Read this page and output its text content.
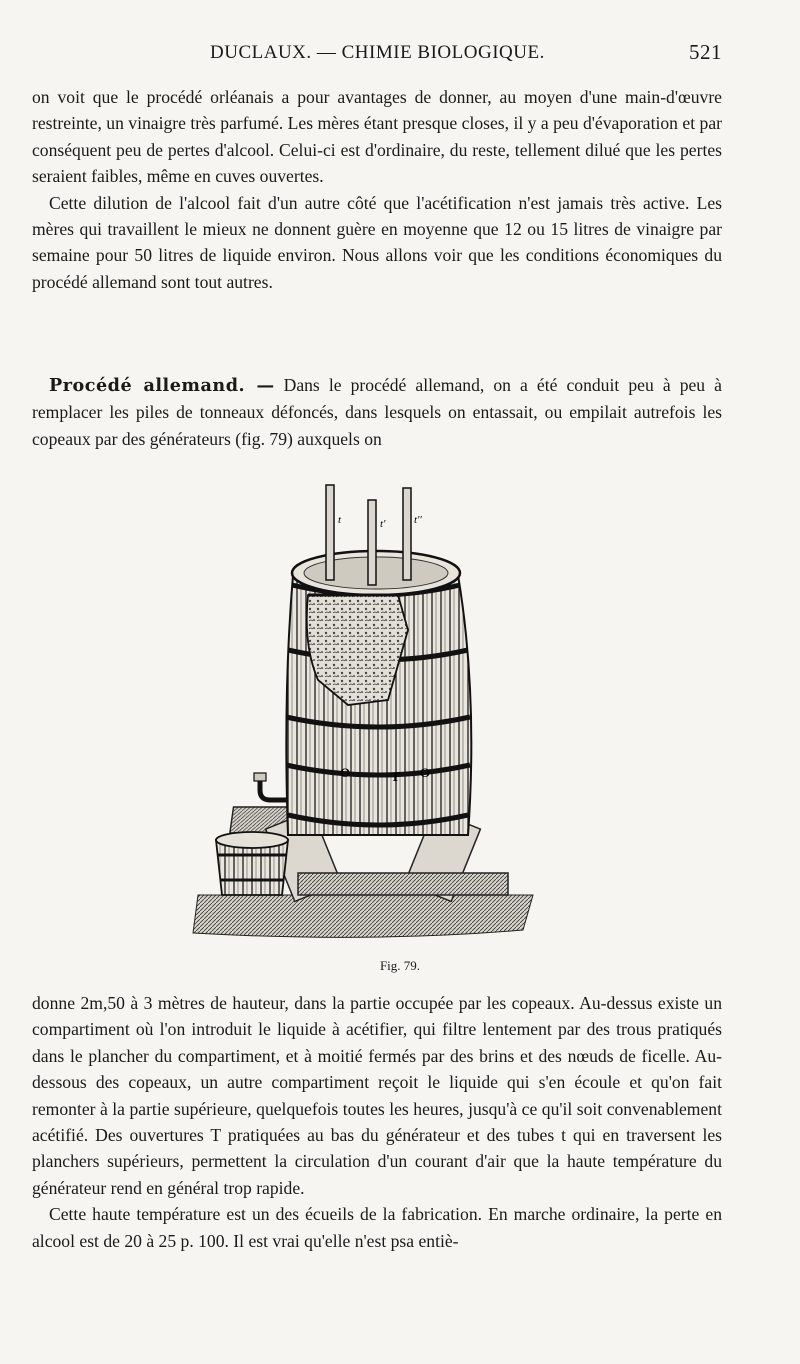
DUCLAUX. — CHIMIE BIOLOGIQUE.	521

on voit que le procédé orléanais a pour avantages de donner, au moyen d'une main-d'œuvre restreinte, un vinaigre très parfumé. Les mères étant presque closes, il y a peu d'évaporation et par conséquent peu de pertes d'alcool. Celui-ci est d'ordinaire, du reste, tellement dilué que les pertes seraient faibles, même en cuves ouvertes.

Cette dilution de l'alcool fait d'un autre côté que l'acétification n'est jamais très active. Les mères qui travaillent le mieux ne donnent guère en moyenne que 12 ou 15 litres de vinaigre par semaine pour 50 litres de liquide environ. Nous allons voir que les conditions économiques du procédé allemand sont tout autres.

Procédé allemand. — Dans le procédé allemand, on a été conduit peu à peu à remplacer les piles de tonneaux défoncés, dans lesquels on entassait, ou empilait autrefois les copeaux par des générateurs (fig. 79) auxquels on

t	t'	t''
O	T O
Fig. 79.

donne 2m,50 à 3 mètres de hauteur, dans la partie occupée par les copeaux. Au-dessus existe un compartiment où l'on introduit le liquide à acétifier, qui filtre lentement par des trous pratiqués dans le plancher du compartiment, et à moitié fermés par des brins et des nœuds de ficelle. Au-dessous des copeaux, un autre compartiment reçoit le liquide qui s'en écoule et qu'on fait remonter à la partie supérieure, quelquefois toutes les heures, jusqu'à ce qu'il soit convenablement acétifié. Des ouvertures T pratiquées au bas du générateur et des tubes t qui en traversent les planchers supérieurs, permettent la circulation d'un courant d'air que la haute température du générateur rend en général trop rapide.

Cette haute température est un des écueils de la fabrication. En marche ordinaire, la perte en alcool est de 20 à 25 p. 100. Il est vrai qu'elle n'est psa entiè-
